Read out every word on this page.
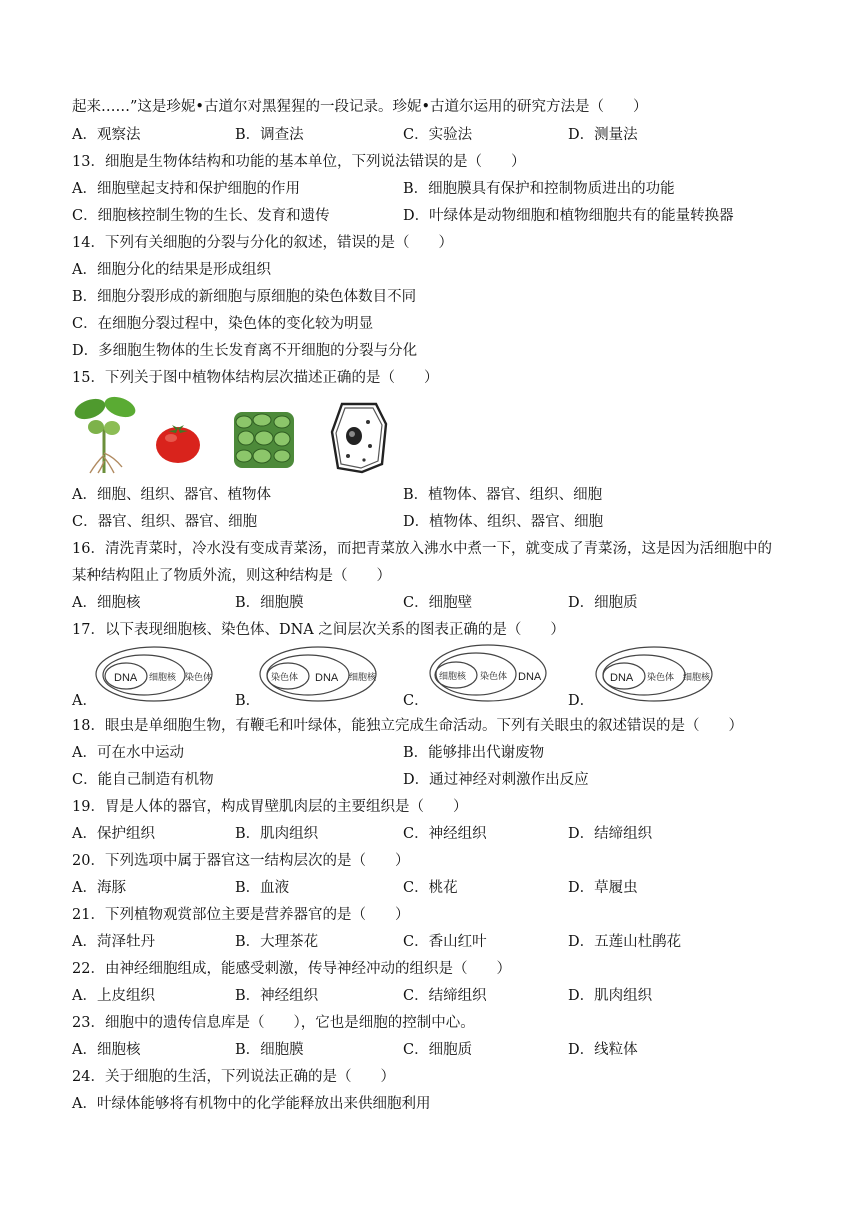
起来……”这是珍妮•古道尔对黑猩猩的一段记录。珍妮•古道尔运用的研究方法是（　　）
A．观察法	B．调查法	C．实验法	D．测量法
13．细胞是生物体结构和功能的基本单位，下列说法错误的是（　　）
A．细胞壁起支持和保护细胞的作用	B．细胞膜具有保护和控制物质进出的功能
C．细胞核控制生物的生长、发育和遗传	D．叶绿体是动物细胞和植物细胞共有的能量转换器
14．下列有关细胞的分裂与分化的叙述，错误的是（　　）
A．细胞分化的结果是形成组织
B．细胞分裂形成的新细胞与原细胞的染色体数目不同
C．在细胞分裂过程中，染色体的变化较为明显
D．多细胞生物体的生长发育离不开细胞的分裂与分化
15．下列关于图中植物体结构层次描述正确的是（　　）
A．细胞、组织、器官、植物体	B．植物体、器官、组织、细胞
C．器官、组织、器官、细胞	D．植物体、组织、器官、细胞
16．清洗青菜时，冷水没有变成青菜汤，而把青菜放入沸水中煮一下，就变成了青菜汤，这是因为活细胞中的
某种结构阻止了物质外流，则这种结构是（　　）
A．细胞核	B．细胞膜	C．细胞壁	D．细胞质
17．以下表现细胞核、染色体、DNA 之间层次关系的图表正确的是（　　）
A．	B．	C．	D．
DNA 细胞核 染色体	染色体 DNA 细胞核	细胞核 染色体 DNA	DNA 染色体 细胞核
18．眼虫是单细胞生物，有鞭毛和叶绿体，能独立完成生命活动。下列有关眼虫的叙述错误的是（　　）
A．可在水中运动	B．能够排出代谢废物
C．能自己制造有机物	D．通过神经对刺激作出反应
19．胃是人体的器官，构成胃壁肌肉层的主要组织是（　　）
A．保护组织	B．肌肉组织	C．神经组织	D．结缔组织
20．下列选项中属于器官这一结构层次的是（　　）
A．海豚	B．血液	C．桃花	D．草履虫
21．下列植物观赏部位主要是营养器官的是（　　）
A．菏泽牡丹	B．大理茶花	C．香山红叶	D．五莲山杜鹃花
22．由神经细胞组成，能感受刺激，传导神经冲动的组织是（　　）
A．上皮组织	B．神经组织	C．结缔组织	D．肌肉组织
23．细胞中的遗传信息库是（　　），它也是细胞的控制中心。
A．细胞核	B．细胞膜	C．细胞质	D．线粒体
24．关于细胞的生活，下列说法正确的是（　　）
A．叶绿体能够将有机物中的化学能释放出来供细胞利用
